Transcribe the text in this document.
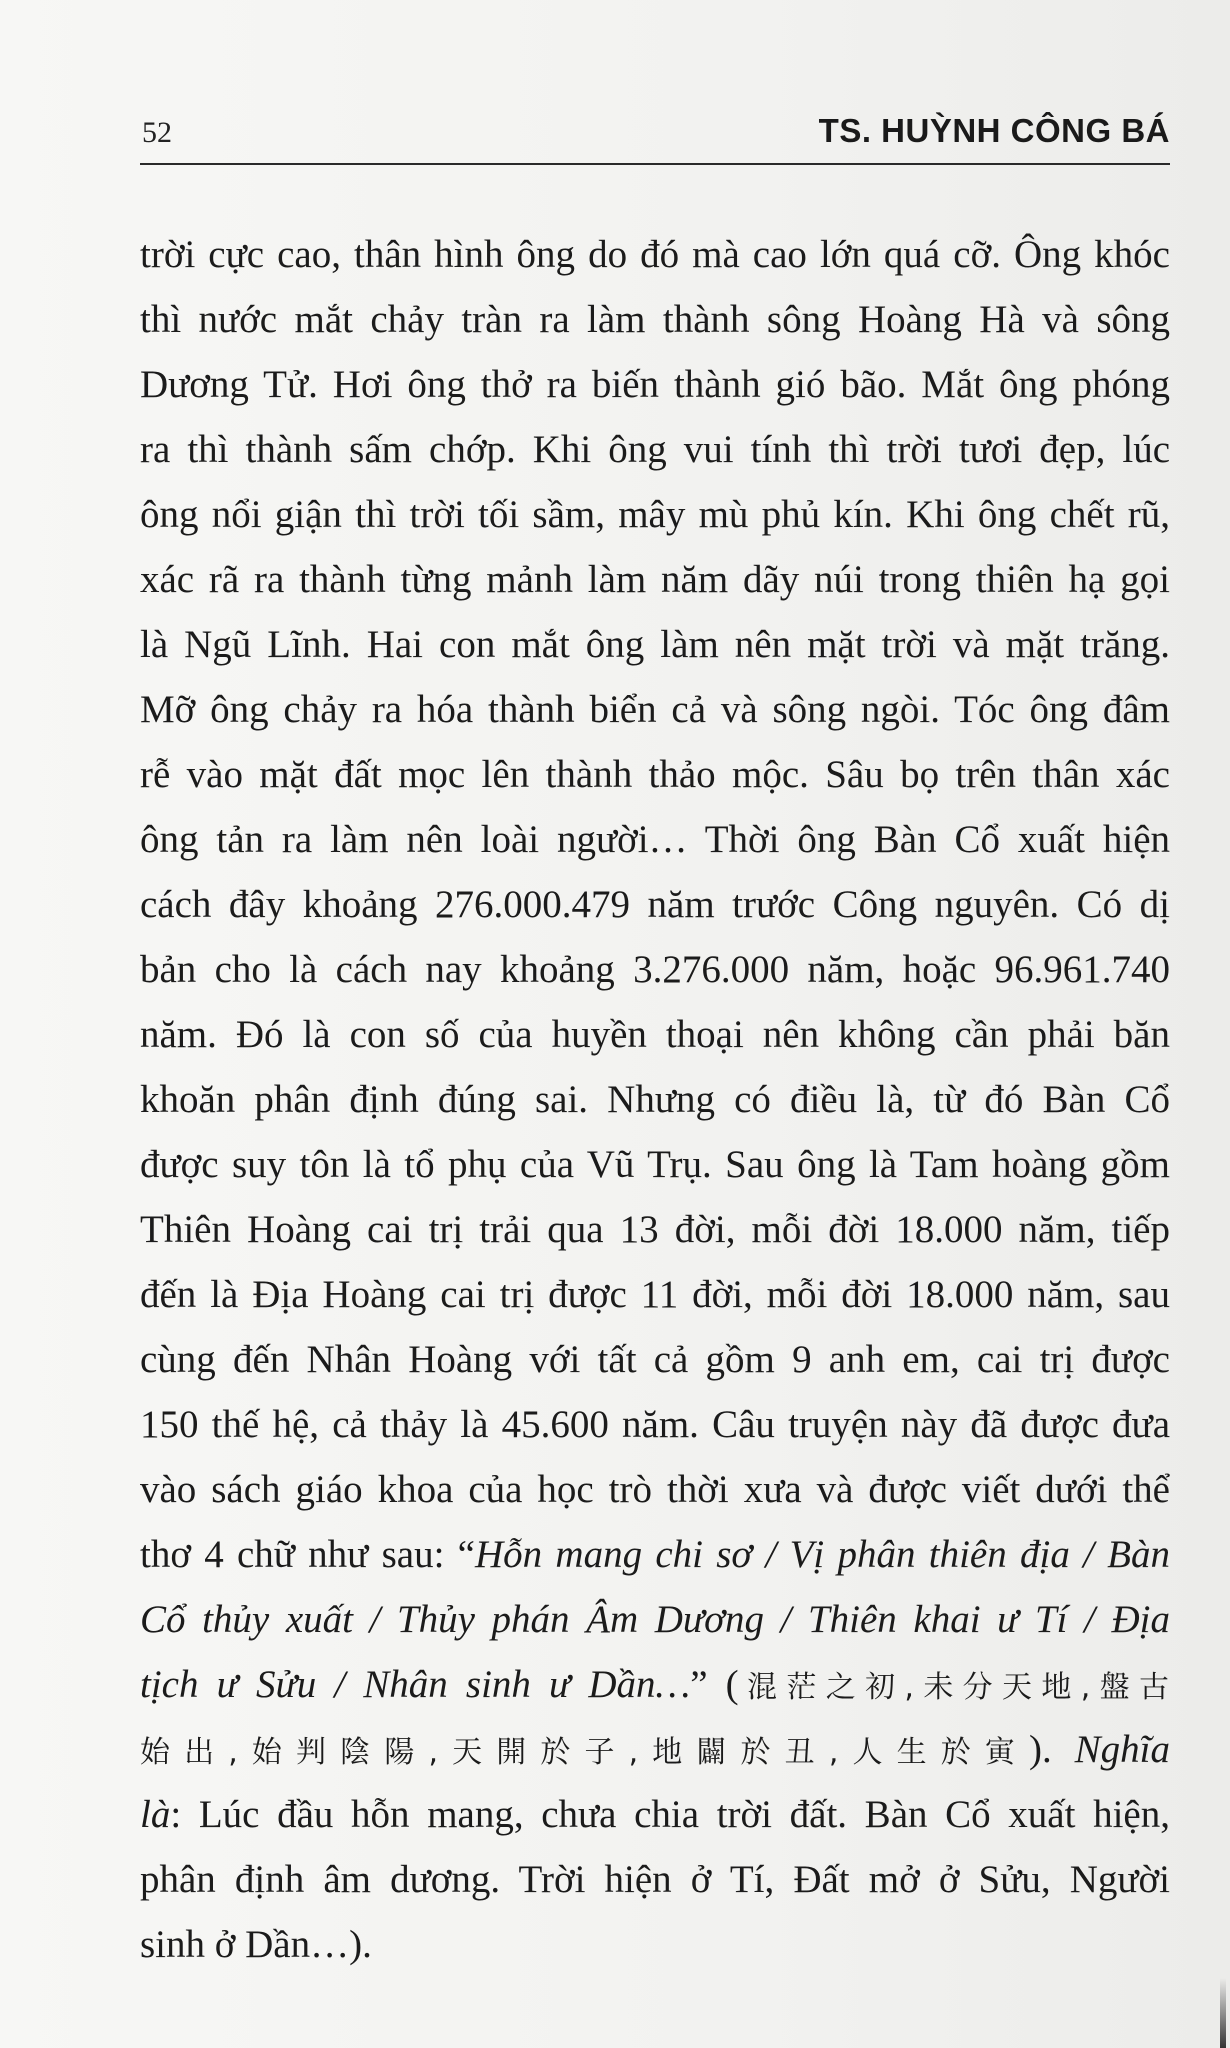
52	TS. HUỲNH CÔNG BÁ
trời cực cao, thân hình ông do đó mà cao lớn quá cỡ. Ông khóc
thì nước mắt chảy tràn ra làm thành sông Hoàng Hà và sông
Dương Tử. Hơi ông thở ra biến thành gió bão. Mắt ông phóng
ra thì thành sấm chớp. Khi ông vui tính thì trời tươi đẹp, lúc
ông nổi giận thì trời tối sầm, mây mù phủ kín. Khi ông chết rũ,
xác rã ra thành từng mảnh làm năm dãy núi trong thiên hạ gọi
là Ngũ Lĩnh. Hai con mắt ông làm nên mặt trời và mặt trăng.
Mỡ ông chảy ra hóa thành biển cả và sông ngòi. Tóc ông đâm
rễ vào mặt đất mọc lên thành thảo mộc. Sâu bọ trên thân xác
ông tản ra làm nên loài người… Thời ông Bàn Cổ xuất hiện
cách đây khoảng 276.000.479 năm trước Công nguyên. Có dị
bản cho là cách nay khoảng 3.276.000 năm, hoặc 96.961.740
năm. Đó là con số của huyền thoại nên không cần phải băn
khoăn phân định đúng sai. Nhưng có điều là, từ đó Bàn Cổ
được suy tôn là tổ phụ của Vũ Trụ. Sau ông là Tam hoàng gồm
Thiên Hoàng cai trị trải qua 13 đời, mỗi đời 18.000 năm, tiếp
đến là Địa Hoàng cai trị được 11 đời, mỗi đời 18.000 năm, sau
cùng đến Nhân Hoàng với tất cả gồm 9 anh em, cai trị được
150 thế hệ, cả thảy là 45.600 năm. Câu truyện này đã được đưa
vào sách giáo khoa của học trò thời xưa và được viết dưới thể
thơ 4 chữ như sau: “Hỗn mang chi sơ / Vị phân thiên địa / Bàn
Cổ thủy xuất / Thủy phán Âm Dương / Thiên khai ư Tí / Địa
tịch ư Sửu / Nhân sinh ư Dần…” (混茫之初,未分天地,盤古
始出,始判陰陽,天開於子,地闢於丑,人生於寅). Nghĩa
là: Lúc đầu hỗn mang, chưa chia trời đất. Bàn Cổ xuất hiện,
phân định âm dương. Trời hiện ở Tí, Đất mở ở Sửu, Người
sinh ở Dần…).
